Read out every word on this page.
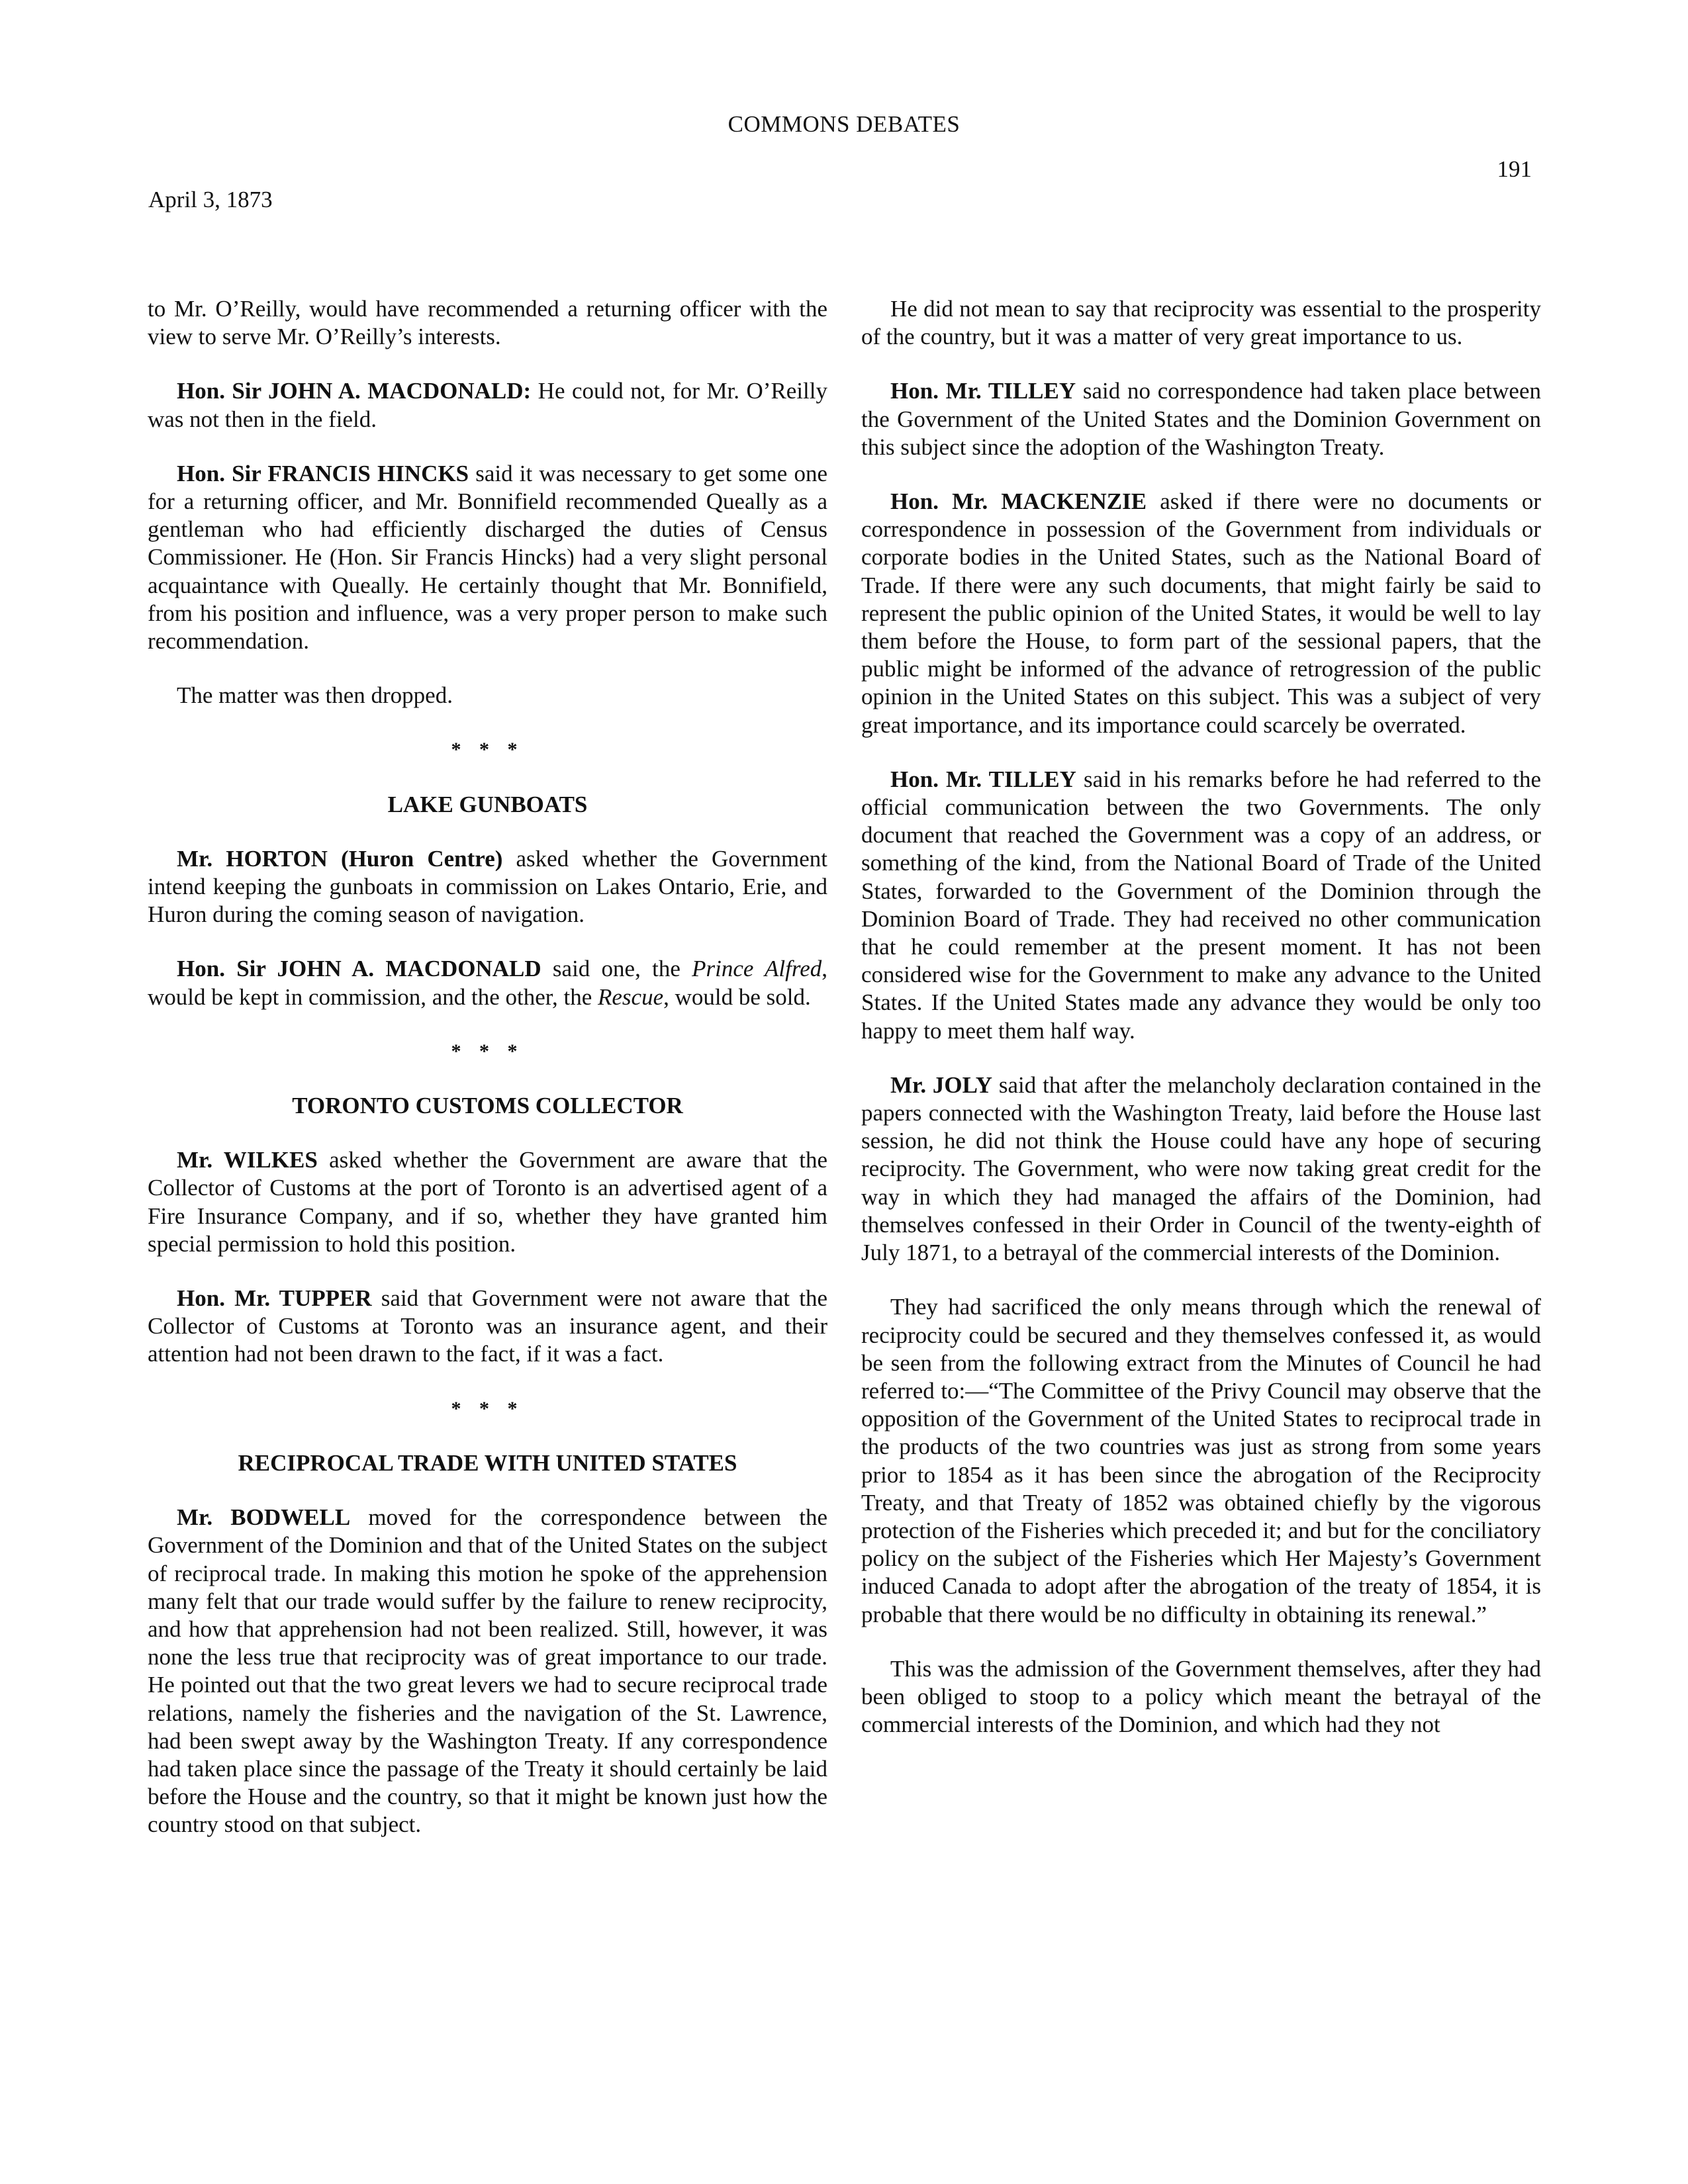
COMMONS DEBATES
191
April 3, 1873

to Mr. O’Reilly, would have recommended a returning officer with the view to serve Mr. O’Reilly’s interests.

Hon. Sir JOHN A. MACDONALD: He could not, for Mr. O’Reilly was not then in the field.

Hon. Sir FRANCIS HINCKS said it was necessary to get some one for a returning officer, and Mr. Bonnifield recommended Queally as a gentleman who had efficiently discharged the duties of Census Commissioner. He (Hon. Sir Francis Hincks) had a very slight personal acquaintance with Queally. He certainly thought that Mr. Bonnifield, from his position and influence, was a very proper person to make such recommendation.

The matter was then dropped.

* * *
LAKE GUNBOATS

Mr. HORTON (Huron Centre) asked whether the Government intend keeping the gunboats in commission on Lakes Ontario, Erie, and Huron during the coming season of navigation.

Hon. Sir JOHN A. MACDONALD said one, the Prince Alfred, would be kept in commission, and the other, the Rescue, would be sold.

* * *
TORONTO CUSTOMS COLLECTOR

Mr. WILKES asked whether the Government are aware that the Collector of Customs at the port of Toronto is an advertised agent of a Fire Insurance Company, and if so, whether they have granted him special permission to hold this position.

Hon. Mr. TUPPER said that Government were not aware that the Collector of Customs at Toronto was an insurance agent, and their attention had not been drawn to the fact, if it was a fact.

* * *
RECIPROCAL TRADE WITH UNITED STATES

Mr. BODWELL moved for the correspondence between the Government of the Dominion and that of the United States on the subject of reciprocal trade. In making this motion he spoke of the apprehension many felt that our trade would suffer by the failure to renew reciprocity, and how that apprehension had not been realized. Still, however, it was none the less true that reciprocity was of great importance to our trade. He pointed out that the two great levers we had to secure reciprocal trade relations, namely the fisheries and the navigation of the St. Lawrence, had been swept away by the Washington Treaty. If any correspondence had taken place since the passage of the Treaty it should certainly be laid before the House and the country, so that it might be known just how the country stood on that subject.

He did not mean to say that reciprocity was essential to the prosperity of the country, but it was a matter of very great importance to us.

Hon. Mr. TILLEY said no correspondence had taken place between the Government of the United States and the Dominion Government on this subject since the adoption of the Washington Treaty.

Hon. Mr. MACKENZIE asked if there were no documents or correspondence in possession of the Government from individuals or corporate bodies in the United States, such as the National Board of Trade. If there were any such documents, that might fairly be said to represent the public opinion of the United States, it would be well to lay them before the House, to form part of the sessional papers, that the public might be informed of the advance of retrogression of the public opinion in the United States on this subject. This was a subject of very great importance, and its importance could scarcely be overrated.

Hon. Mr. TILLEY said in his remarks before he had referred to the official communication between the two Governments. The only document that reached the Government was a copy of an address, or something of the kind, from the National Board of Trade of the United States, forwarded to the Government of the Dominion through the Dominion Board of Trade. They had received no other communication that he could remember at the present moment. It has not been considered wise for the Government to make any advance to the United States. If the United States made any advance they would be only too happy to meet them half way.

Mr. JOLY said that after the melancholy declaration contained in the papers connected with the Washington Treaty, laid before the House last session, he did not think the House could have any hope of securing reciprocity. The Government, who were now taking great credit for the way in which they had managed the affairs of the Dominion, had themselves confessed in their Order in Council of the twenty-eighth of July 1871, to a betrayal of the commercial interests of the Dominion.

They had sacrificed the only means through which the renewal of reciprocity could be secured and they themselves confessed it, as would be seen from the following extract from the Minutes of Council he had referred to:—“The Committee of the Privy Council may observe that the opposition of the Government of the United States to reciprocal trade in the products of the two countries was just as strong from some years prior to 1854 as it has been since the abrogation of the Reciprocity Treaty, and that Treaty of 1852 was obtained chiefly by the vigorous protection of the Fisheries which preceded it; and but for the conciliatory policy on the subject of the Fisheries which Her Majesty’s Government induced Canada to adopt after the abrogation of the treaty of 1854, it is probable that there would be no difficulty in obtaining its renewal.”

This was the admission of the Government themselves, after they had been obliged to stoop to a policy which meant the betrayal of the commercial interests of the Dominion, and which had they not
